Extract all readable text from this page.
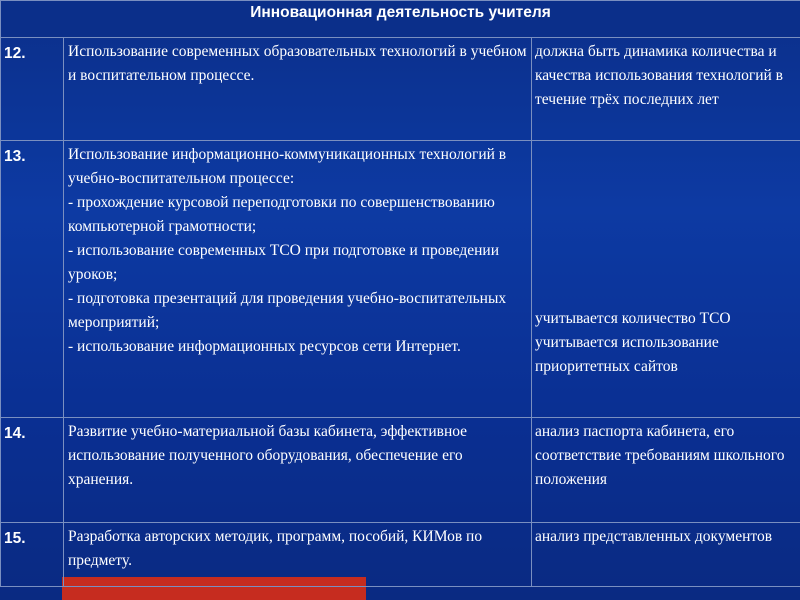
Инновационная деятельность учителя		
12.	Использование современных образовательных технологий в учебном и воспитательном процессе.	должна быть динамика количества и качества использования технологий в течение трёх последних лет

13.	Использование информационно-коммуникационных технологий в учебно-воспитательном процессе:
- прохождение курсовой переподготовки по совершенствованию компьютерной грамотности;
- использование современных ТСО при подготовке и проведении уроков;
- подготовка презентаций для проведения учебно-воспитательных мероприятий;
- использование информационных ресурсов сети Интернет.	учитывается количество ТСО
учитывается использование приоритетных сайтов

14.	Развитие учебно-материальной базы кабинета, эффективное использование полученного оборудования, обеспечение его хранения.	анализ паспорта кабинета, его соответствие требованиям школьного положения

15.	Разработка авторских методик, программ, пособий, КИМов по предмету.	анализ представленных документов
